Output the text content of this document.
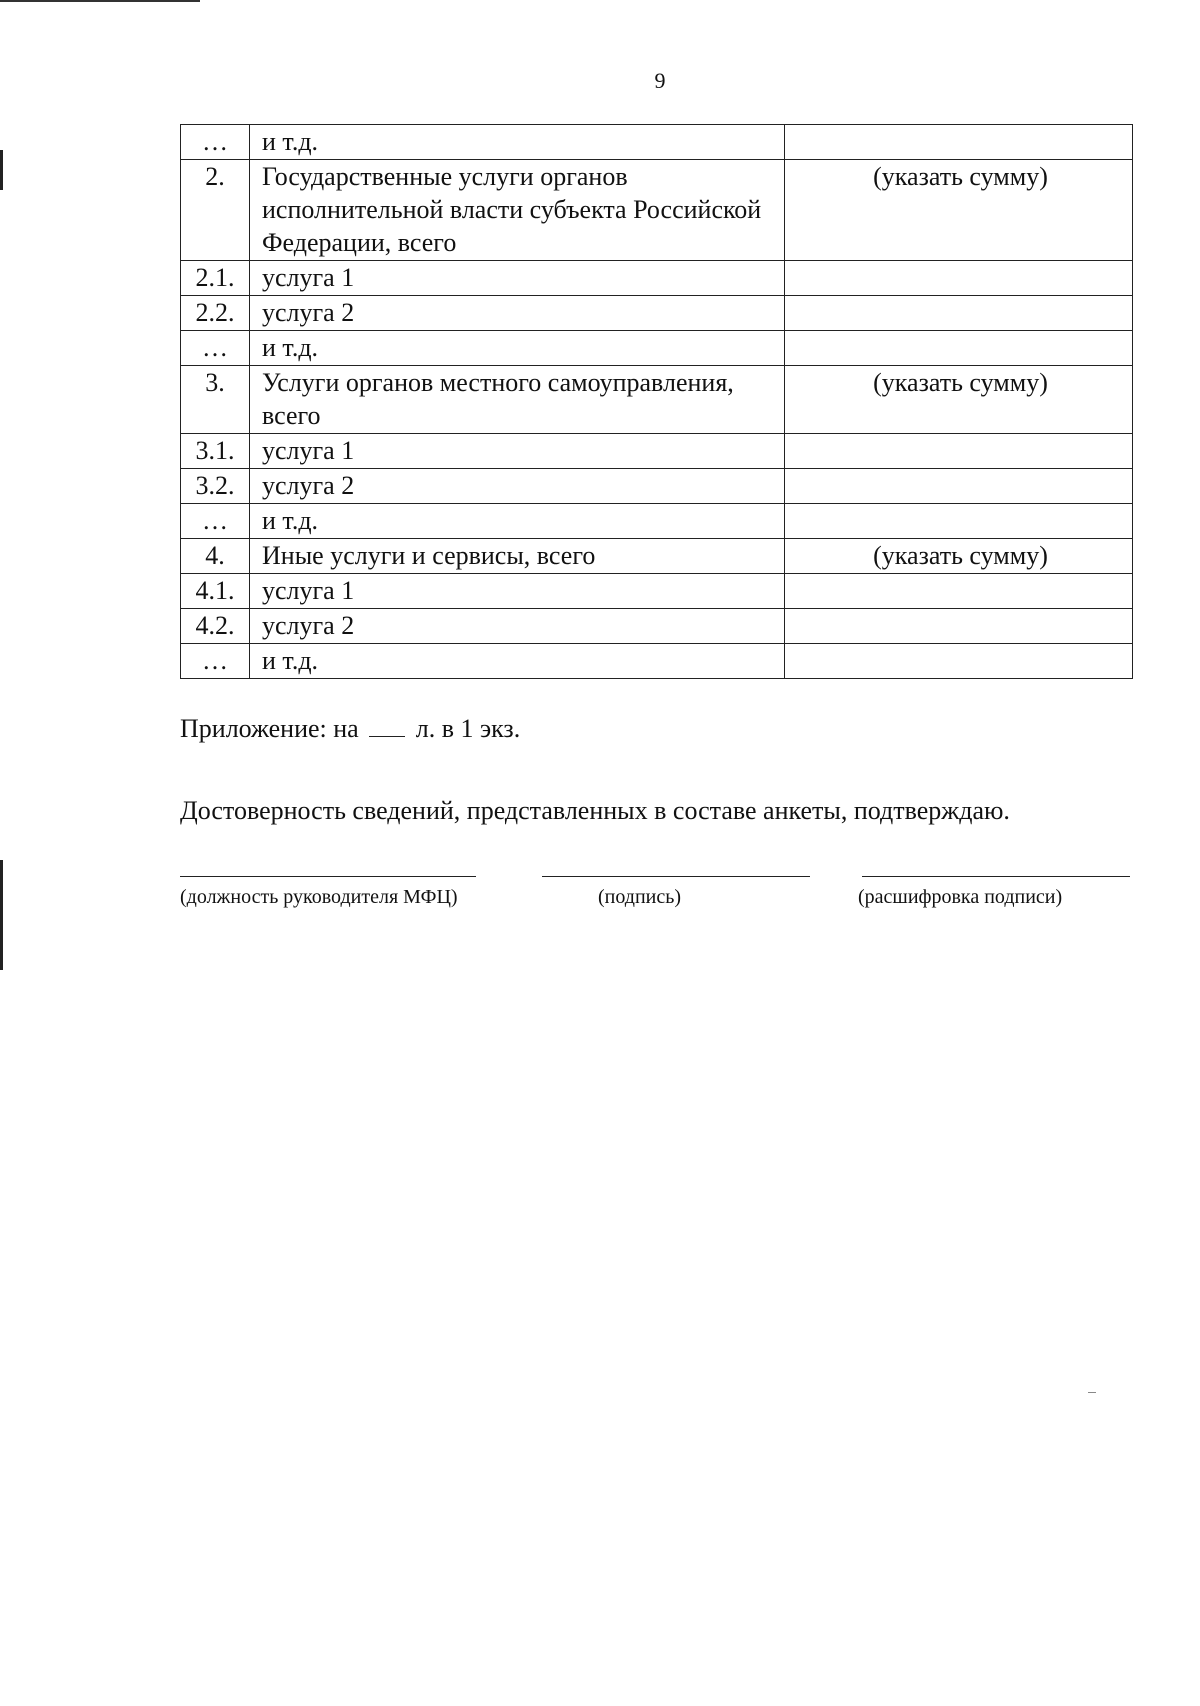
9
…	и т.д.	
2.	Государственные услуги органов исполнительной власти субъекта Российской Федерации, всего	(указать сумму)
2.1.	услуга 1	
2.2.	услуга 2	
…	и т.д.	
3.	Услуги органов местного самоуправления, всего	(указать сумму)
3.1.	услуга 1	
3.2.	услуга 2	
…	и т.д.	
4.	Иные услуги и сервисы, всего	(указать сумму)
4.1.	услуга 1	
4.2.	услуга 2	
…	и т.д.	
Приложение: на л. в 1 экз.
Достоверность сведений, представленных в составе анкеты, подтверждаю.
(должность руководителя МФЦ)	(подпись)	(расшифровка подписи)
